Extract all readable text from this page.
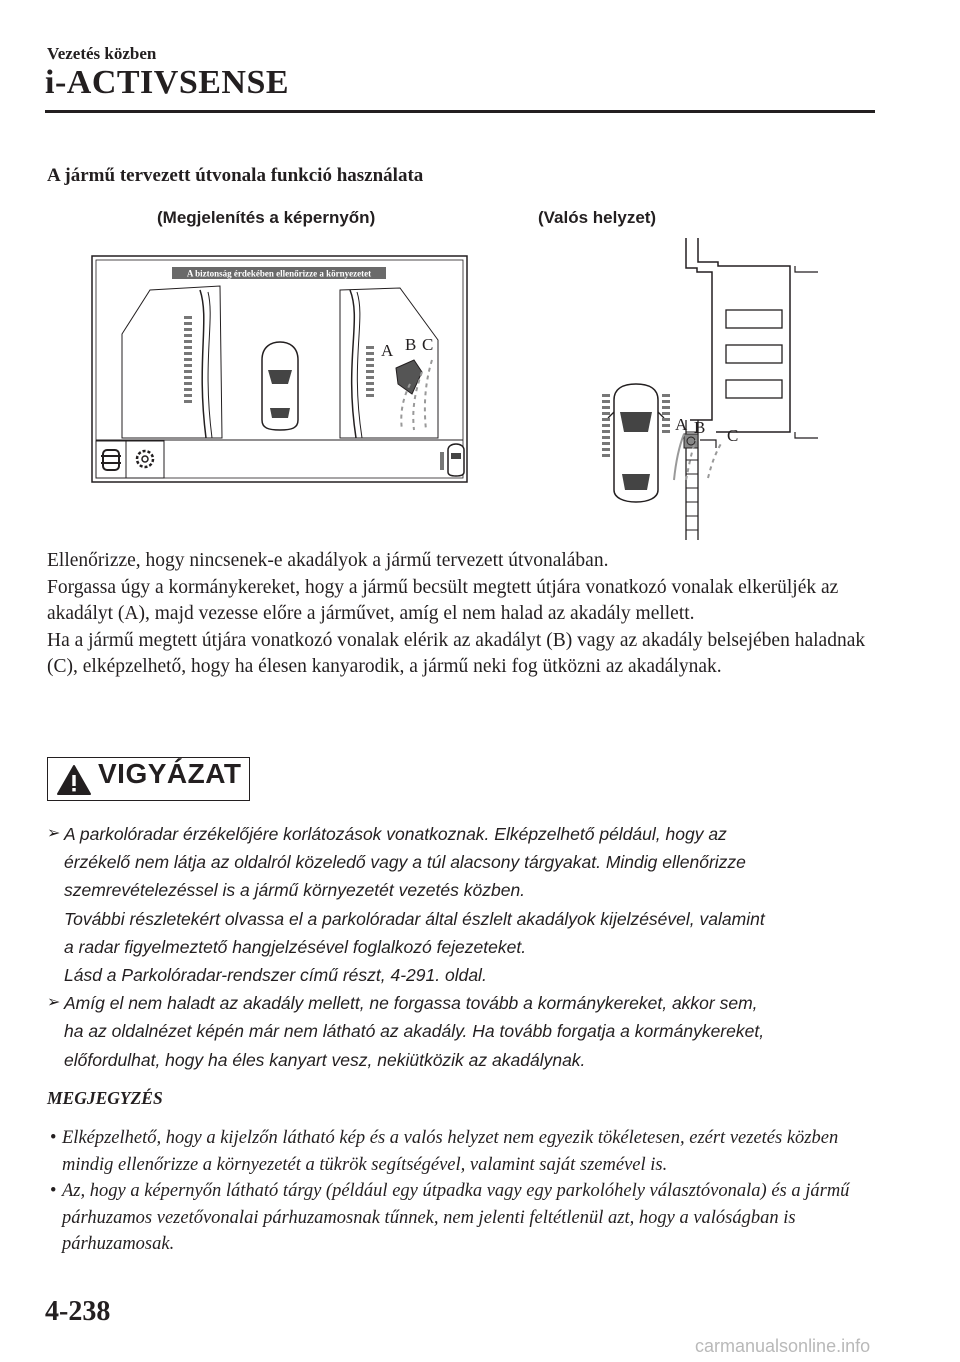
Vezetés közben
i-ACTIVSENSE
A jármű tervezett útvonala funkció használata
(Megjelenítés a képernyőn)	(Valós helyzet)
A biztonság érdekében ellenőrizze a környezetet
A B C
A B C

Ellenőrizze, hogy nincsenek-e akadályok a jármű tervezett útvonalában.

Forgassa úgy a kormánykereket, hogy a jármű becsült megtett útjára vonatkozó vonalak elkerüljék az akadályt (A), majd vezesse előre a járművet, amíg el nem halad az akadály mellett.

Ha a jármű megtett útjára vonatkozó vonalak elérik az akadályt (B) vagy az akadály belsejében haladnak (C), elképzelhető, hogy ha élesen kanyarodik, a jármű neki fog ütközni az akadálynak.

VIGYÁZAT
➢ A parkolóradar érzékelőjére korlátozások vonatkoznak. Elképzelhető például, hogy az
érzékelő nem látja az oldalról közeledő vagy a túl alacsony tárgyakat. Mindig ellenőrizze
szemrevételezéssel is a jármű környezetét vezetés közben.
További részletekért olvassa el a parkolóradar által észlelt akadályok kijelzésével, valamint
a radar figyelmeztető hangjelzésével foglalkozó fejezeteket.
Lásd a Parkolóradar-rendszer című részt, 4-291. oldal.
➢ Amíg el nem haladt az akadály mellett, ne forgassa tovább a kormánykereket, akkor sem,
ha az oldalnézet képén már nem látható az akadály. Ha tovább forgatja a kormánykereket,
előfordulhat, hogy ha éles kanyart vesz, nekiütközik az akadálynak.
MEGJEGYZÉS
• Elképzelhető, hogy a kijelzőn látható kép és a valós helyzet nem egyezik tökéletesen, ezért vezetés közben mindig ellenőrizze a környezetét a tükrök segítségével, valamint saját szemével is.
• Az, hogy a képernyőn látható tárgy (például egy útpadka vagy egy parkolóhely választóvonala) és a jármű párhuzamos vezetővonalai párhuzamosnak tűnnek, nem jelenti feltétlenül azt, hogy a valóságban is párhuzamosak.
4-238
carmanualsonline.info
